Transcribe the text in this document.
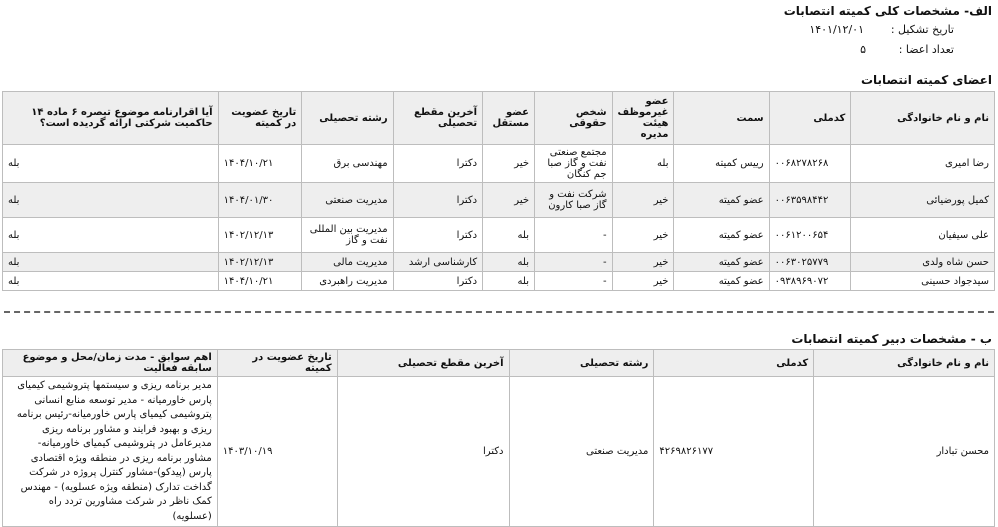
الف- مشخصات کلی کمیته انتصابات
تاریخ تشکیل :
۱۴۰۱/۱۲/۰۱
تعداد اعضا :
۵
اعضای کمیته انتصابات
نام و نام خانوادگی	کدملی	سمت	عضو غیرموظف هیئت مدیره	شخص حقوقی	عضو مستقل	آخرین مقطع تحصیلی	رشته تحصیلی	تاریخ عضویت در کمیته	آیا اقرارنامه موضوع تبصره ۶ ماده ۱۴ حاکمیت شرکتی ارائه گردیده است؟
رضا امیری	۰۰۶۸۲۷۸۲۶۸	رییس کمیته	بله	مجتمع صنعتی نفت و گاز صبا جم کنگان	خیر	دکترا	مهندسی برق	۱۴۰۴/۱۰/۲۱	بله
کمیل پورضیائی	۰۰۶۳۵۹۸۴۴۲	عضو کمیته	خیر	شرکت نفت و گاز صبا کارون	خیر	دکترا	مدیریت صنعتی	۱۴۰۴/۰۱/۳۰	بله
علی سیفیان	۰۰۶۱۲۰۰۶۵۴	عضو کمیته	خیر	-	بله	دکترا	مدیریت بین المللی نفت و گاز	۱۴۰۲/۱۲/۱۳	بله
حسن شاه ولدی	۰۰۶۳۰۲۵۷۷۹	عضو کمیته	خیر	-	بله	کارشناسی ارشد	مدیریت مالی	۱۴۰۲/۱۲/۱۳	بله
سیدجواد حسینی	۰۹۳۸۹۶۹۰۷۲	عضو کمیته	خیر	-	بله	دکترا	مدیریت راهبردی	۱۴۰۴/۱۰/۲۱	بله
ب - مشخصات دبیر کمیته انتصابات
نام و نام خانوادگی	کدملی	رشته تحصیلی	آخرین مقطع تحصیلی	تاریخ عضویت در کمیته	اهم سوابق - مدت زمان/محل و موضوع سابقه فعالیت
محسن تبادار	۴۲۶۹۸۲۶۱۷۷	مدیریت صنعتی	دکترا	۱۴۰۳/۱۰/۱۹	مدیر برنامه ریزی و سیستمها پتروشیمی کیمیای پارس خاورمیانه - مدیر توسعه منابع انسانی پتروشیمی کیمیای پارس خاورمیانه-رئیس برنامه ریزی و بهبود فرایند و مشاور برنامه ریزی مدیرعامل در پتروشیمی کیمیای خاورمیانه- مشاور برنامه ریزی در منطقه ویژه اقتصادی پارس (پیدکو)-مشاور کنترل پروژه در شرکت گداخت تدارک (منطقه ویژه عسلویه) - مهندس کمک ناظر در شرکت مشاورین تردد راه (عسلویه)
